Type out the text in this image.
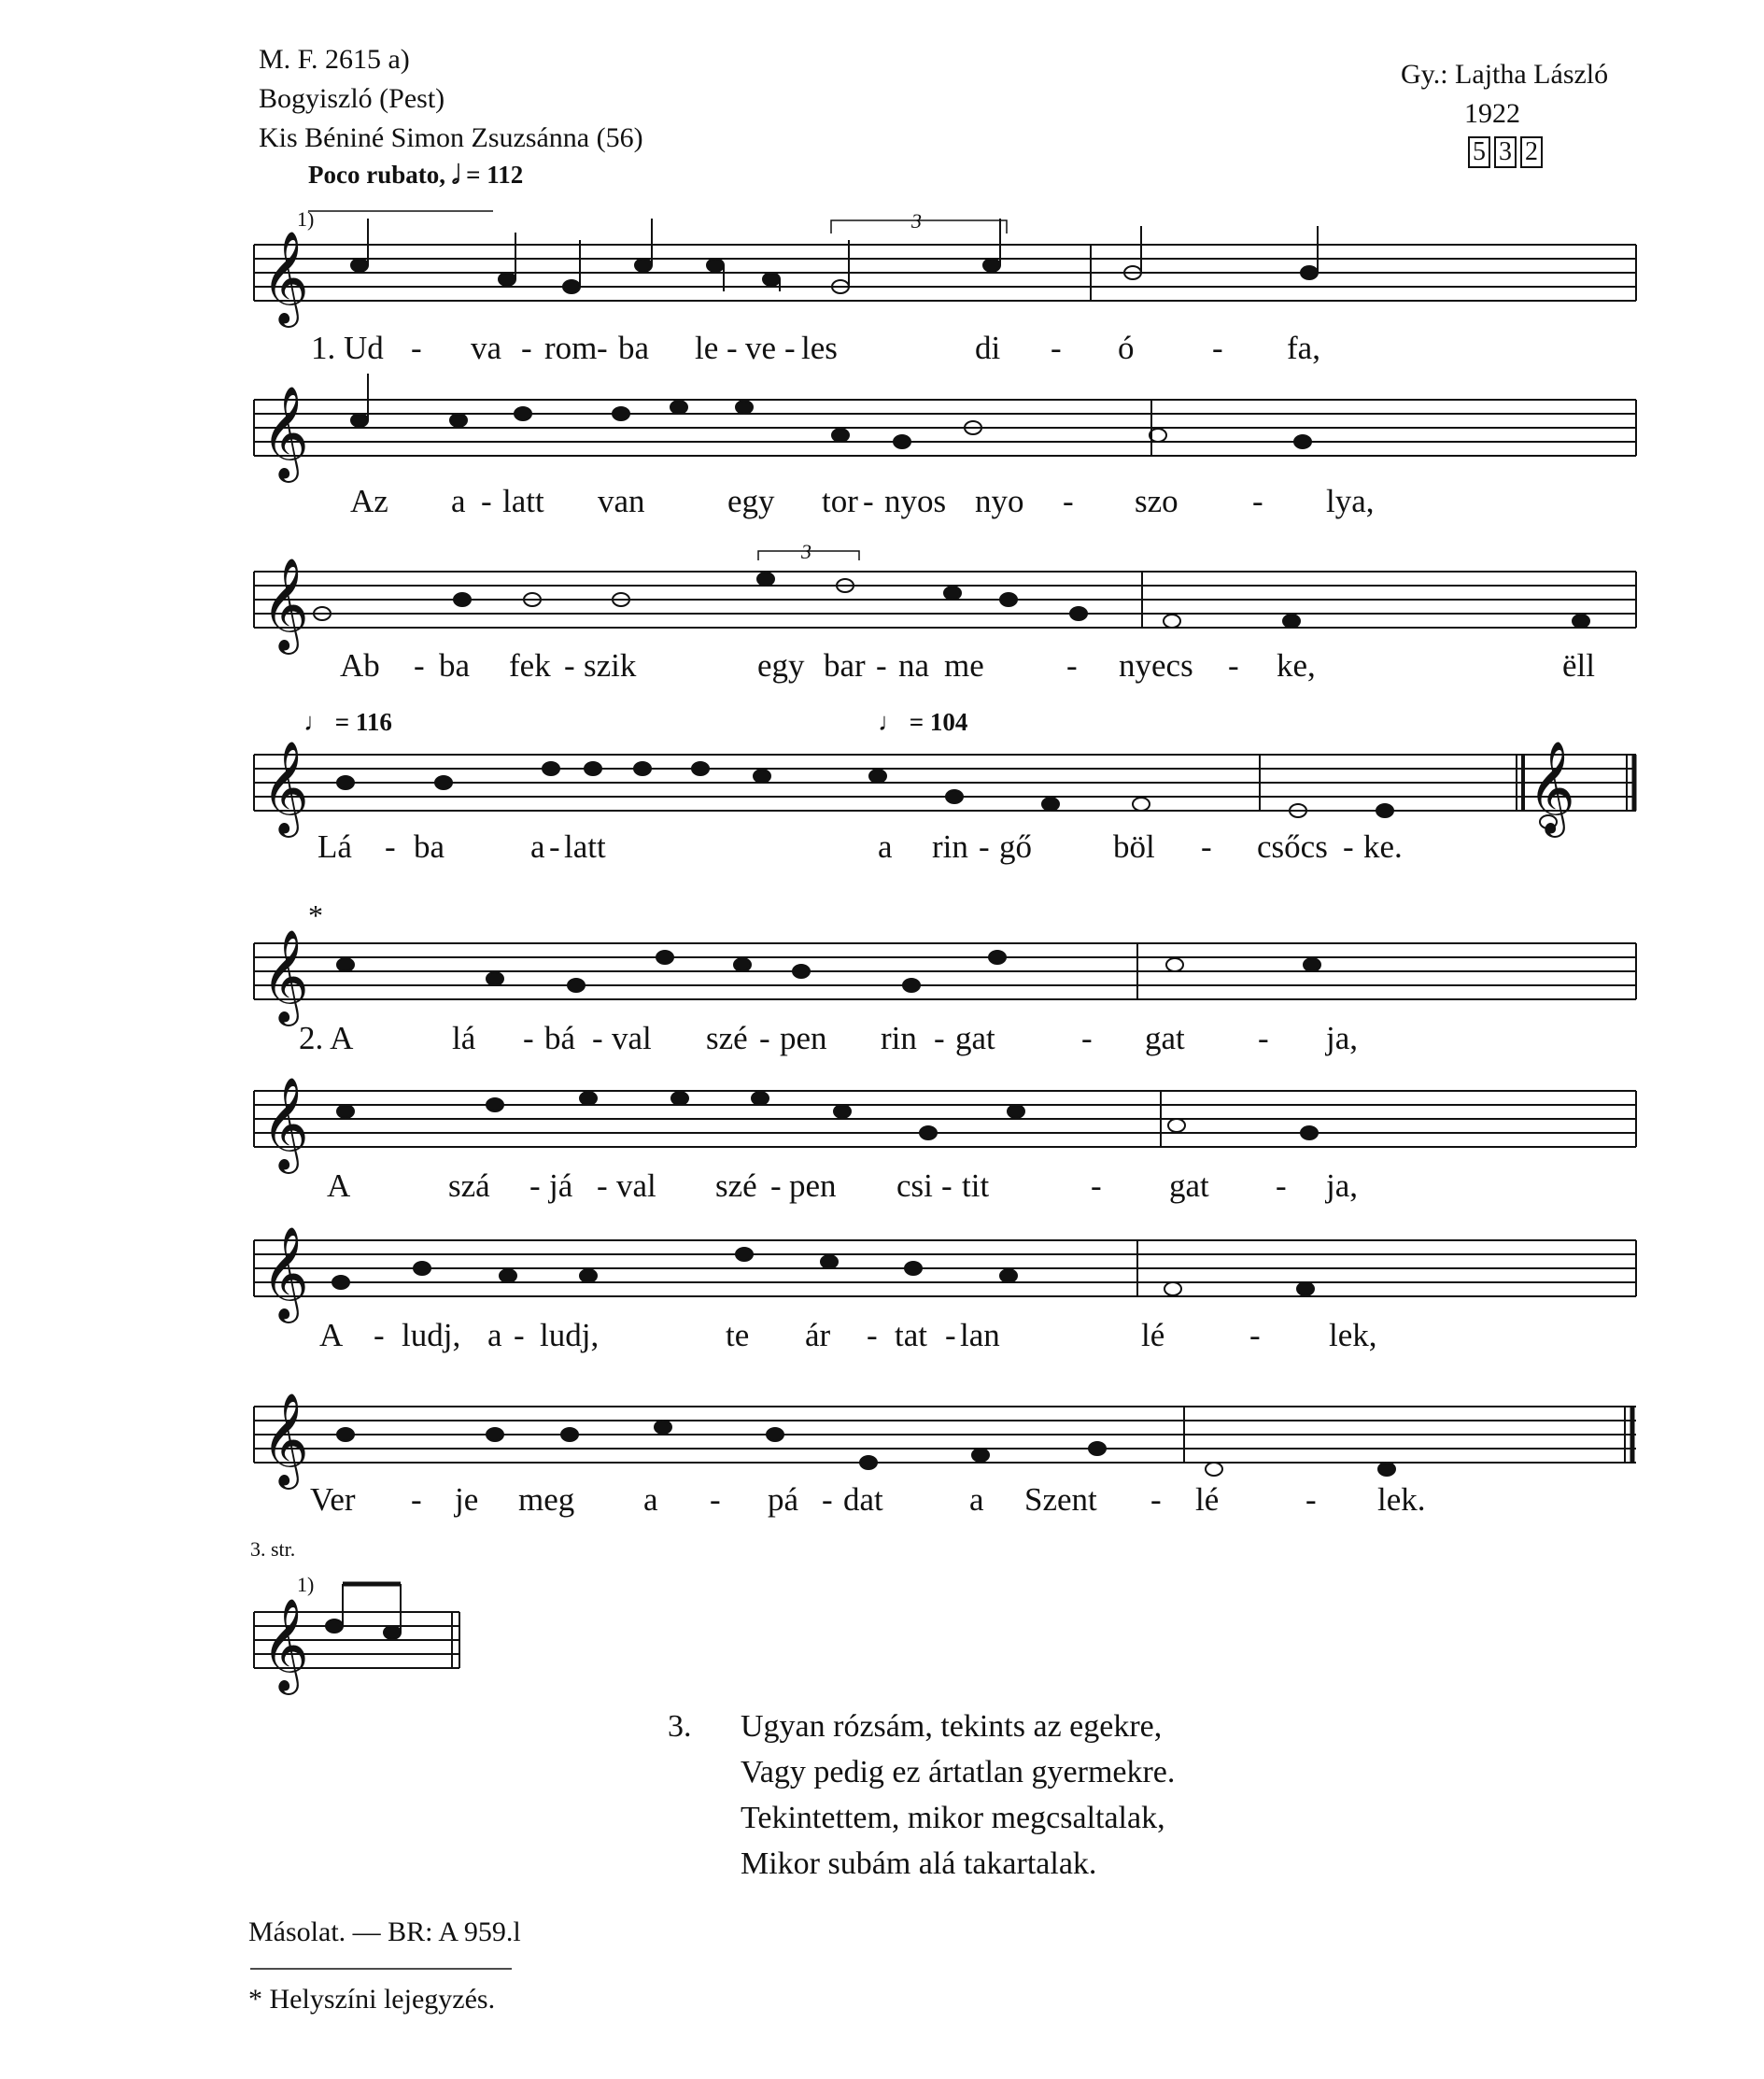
M. F. 2615 a)
Bogyiszló (Pest)
Kis Béniné Simon Zsuzsánna (56)
Gy.: Lajtha László
1922
5 3 2
Poco rubato, 𝅗𝅥 = 112
♩ = 116	♩ = 104
1)
*
𝄞
𝄞
𝄞
𝄞	𝄞
𝄞
𝄞
𝄞
𝄞
𝄞
3
3
1. Ud - va - rom - ba le - ve - les	di - ó - fa,
Az a - latt van	egy tor - nyos nyo - szo - lya,
Ab - ba fek - szik	egy bar - na me	- nyecs - ke,	ëll
Lá - ba	a - latt	a rin - gő böl - csőcs - ke.
2. A	lá - bá - val szé - pen rin - gat	- gat - ja,
A	szá - já - val szé - pen csi - tit	- gat - ja,
A - ludj, a - ludj,	te ár - tat - lan	lé	- lek,
Ver - je meg a - pá - dat	a Szent - lé	- lek.
3. str.
1)
3. Ugyan rózsám, tekints az egekre,
Vagy pedig ez ártatlan gyermekre.
Tekintettem, mikor megcsaltalak,
Mikor subám alá takartalak.
Másolat. — BR: A 959.l
* Helyszíni lejegyzés.
